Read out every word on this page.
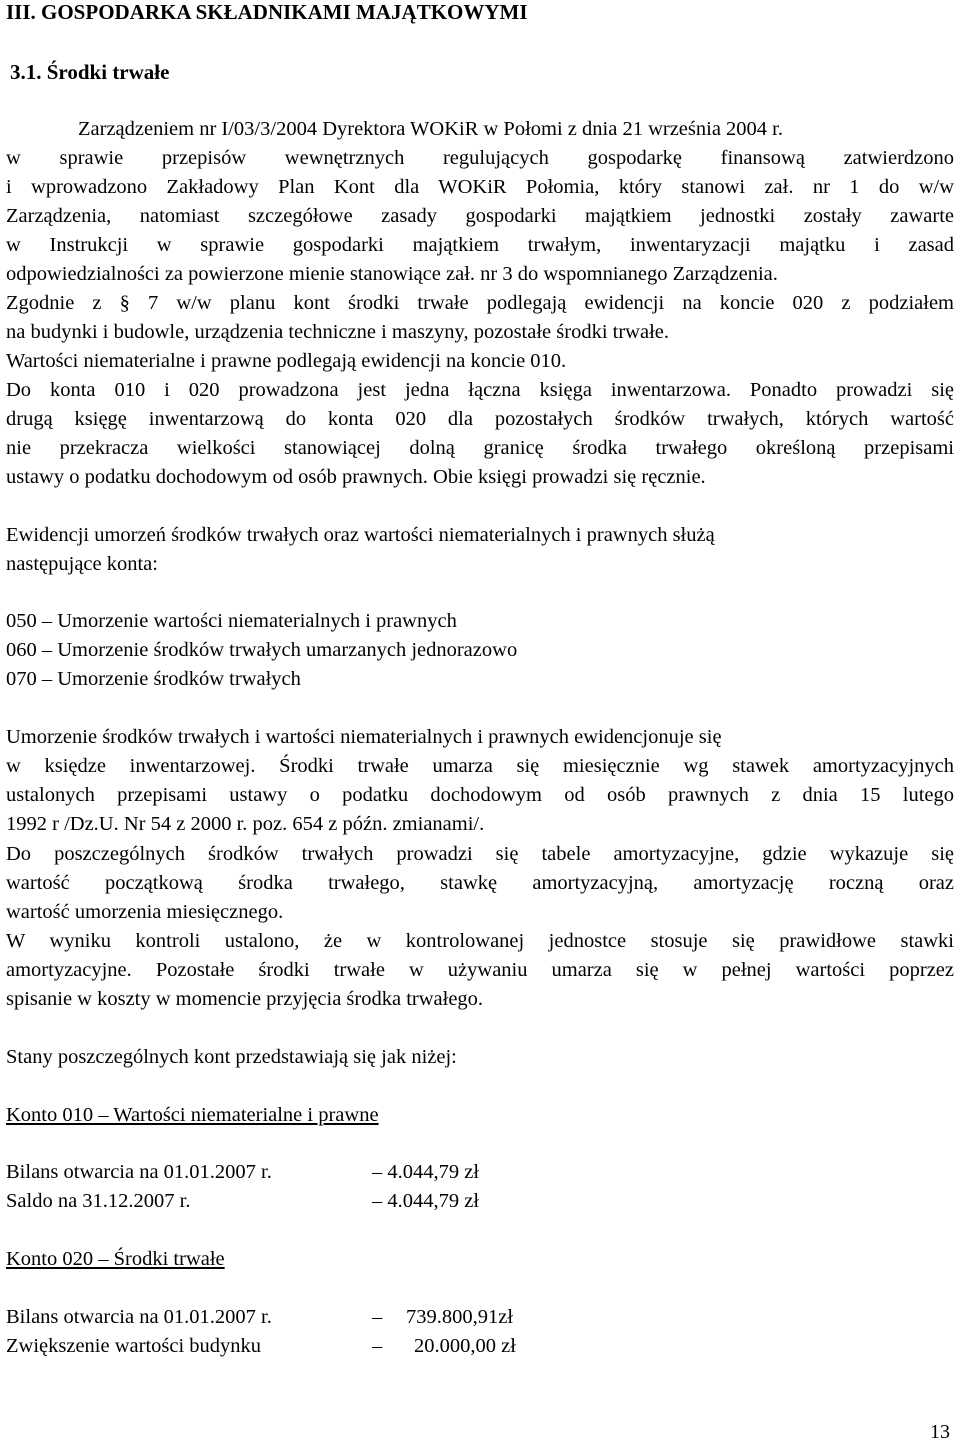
III. GOSPODARKA SKŁADNIKAMI MAJĄTKOWYMI
3.1. Środki trwałe
Zarządzeniem nr I/03/3/2004 Dyrektora WOKiR w Połomi z dnia 21 września 2004 r.
w sprawie przepisów wewnętrznych regulujących gospodarkę finansową zatwierdzono
i wprowadzono Zakładowy Plan Kont dla WOKiR Połomia, który stanowi zał. nr 1 do w/w
Zarządzenia, natomiast szczegółowe zasady gospodarki majątkiem jednostki zostały zawarte
w Instrukcji w sprawie gospodarki majątkiem trwałym, inwentaryzacji majątku i zasad
odpowiedzialności za powierzone mienie stanowiące zał. nr 3 do wspomnianego Zarządzenia.
Zgodnie z § 7 w/w planu kont środki trwałe podlegają ewidencji na koncie 020 z podziałem
na budynki i budowle, urządzenia techniczne i maszyny, pozostałe środki trwałe.
Wartości niematerialne i prawne podlegają ewidencji na koncie 010.
Do konta 010 i 020 prowadzona jest jedna łączna księga inwentarzowa. Ponadto prowadzi się
drugą księgę inwentarzową do konta 020 dla pozostałych środków trwałych, których wartość
nie przekracza wielkości stanowiącej dolną granicę środka trwałego określoną przepisami
ustawy o podatku dochodowym od osób prawnych. Obie księgi prowadzi się ręcznie.
Ewidencji umorzeń środków trwałych oraz wartości niematerialnych i prawnych służą
następujące konta:
050 – Umorzenie wartości niematerialnych i prawnych
060 – Umorzenie środków trwałych umarzanych jednorazowo
070 – Umorzenie środków trwałych
Umorzenie środków trwałych i wartości niematerialnych i prawnych ewidencjonuje się
w księdze inwentarzowej. Środki trwałe umarza się miesięcznie wg stawek amortyzacyjnych
ustalonych przepisami ustawy o podatku dochodowym od osób prawnych z dnia 15 lutego
1992 r /Dz.U. Nr 54 z 2000 r. poz. 654 z późn. zmianami/.
Do poszczególnych środków trwałych prowadzi się tabele amortyzacyjne, gdzie wykazuje się
wartość początkową środka trwałego, stawkę amortyzacyjną, amortyzację roczną oraz
wartość umorzenia miesięcznego.
W wyniku kontroli ustalono, że w kontrolowanej jednostce stosuje się prawidłowe stawki
amortyzacyjne. Pozostałe środki trwałe w używaniu umarza się w pełnej wartości poprzez
spisanie w koszty w momencie przyjęcia środka trwałego.
Stany poszczególnych kont przedstawiają się jak niżej:
Konto 010 – Wartości niematerialne i prawne
Bilans otwarcia na 01.01.2007 r.	– 4.044,79 zł
Saldo na 31.12.2007 r.	– 4.044,79 zł
Konto 020 – Środki trwałe
Bilans otwarcia na 01.01.2007 r.	– 739.800,91zł
Zwiększenie wartości budynku	– 20.000,00 zł
13
